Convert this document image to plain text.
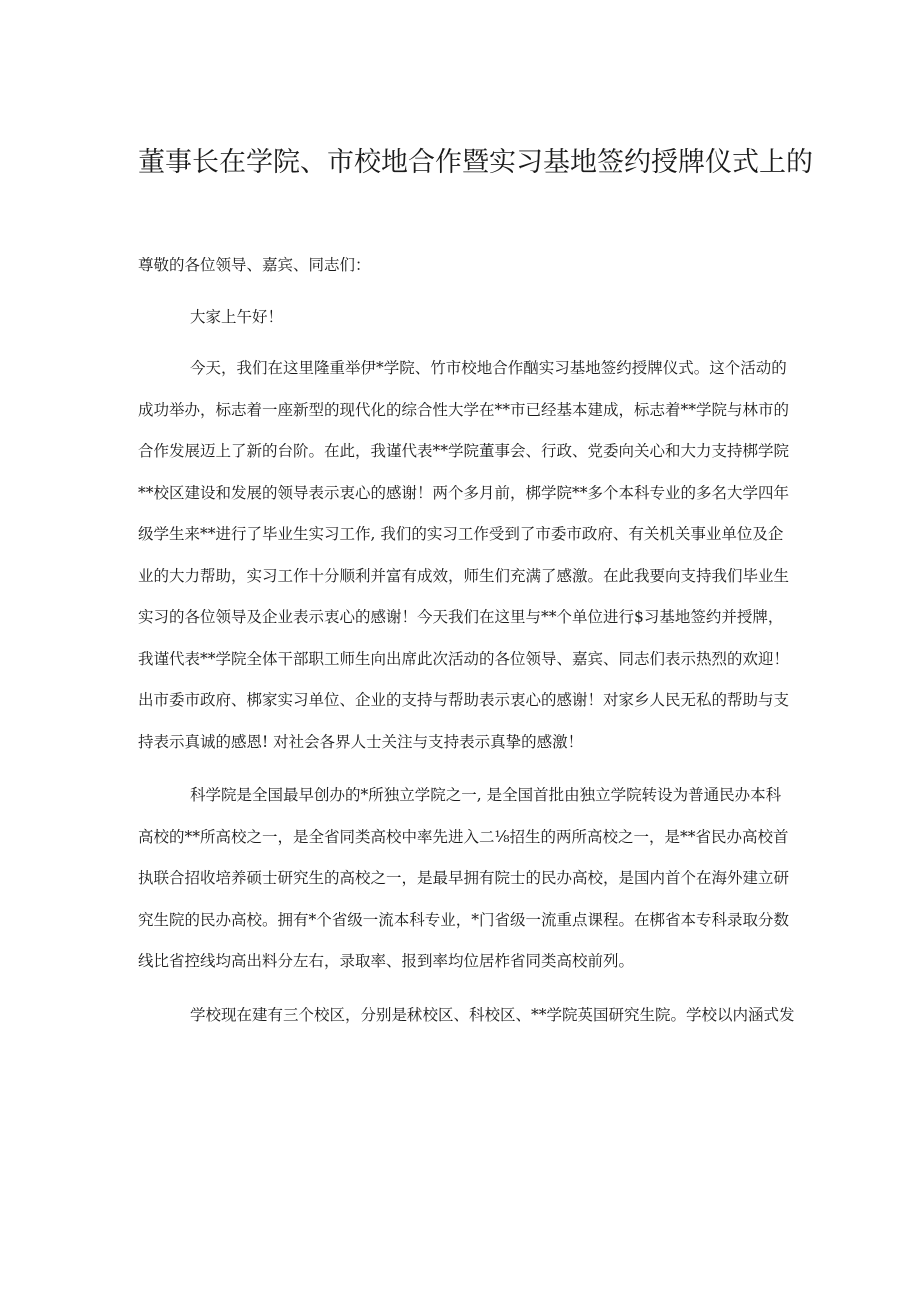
董事长在学院、市校地合作暨实习基地签约授牌仪式上的
尊敬的各位领导、嘉宾、同志们：
大家上午好！
今天，我们在这里隆重举伊*学院、竹市校地合作酗实习基地签约授牌仪式。这个活动的
成功举办，标志着一座新型的现代化的综合性大学在**市已经基本建成，标志着**学院与林市的
合作发展迈上了新的台阶。在此，我谨代表**学院董事会、行政、党委向关心和大力支持梆学院
**校区建设和发展的领导表示衷心的感谢！两个多月前，梆学院**多个本科专业的多名大学四年
级学生来**进行了毕业生实习工作, 我们的实习工作受到了市委市政府、有关机关事业单位及企
业的大力帮助，实习工作十分顺利并富有成效，师生们充满了感激。在此我要向支持我们毕业生
实习的各位领导及企业表示衷心的感谢！今天我们在这里与**个单位进行$习基地签约并授牌，
我谨代表**学院全体干部职工师生向出席此次活动的各位领导、嘉宾、同志们表示热烈的欢迎！
出市委市政府、梆家实习单位、企业的支持与帮助表示衷心的感谢！对家乡人民无私的帮助与支
持表示真诚的感恩! 对社会各界人士关注与支持表示真挚的感激！
科学院是全国最早创办的*所独立学院之一, 是全国首批由独立学院转设为普通民办本科
高校的**所高校之一，是全省同类高校中率先进入二⅛招生的两所高校之一，是**省民办高校首
执联合招收培养硕士研究生的高校之一，是最早拥有院士的民办高校，是国内首个在海外建立研
究生院的民办高校。拥有*个省级一流本科专业，*门省级一流重点课程。在梆省本专科录取分数
线比省控线均高出料分左右，录取率、报到率均位居柞省同类高校前列。
学校现在建有三个校区，分别是秫校区、科校区、**学院英国研究生院。学校以内涵式发
